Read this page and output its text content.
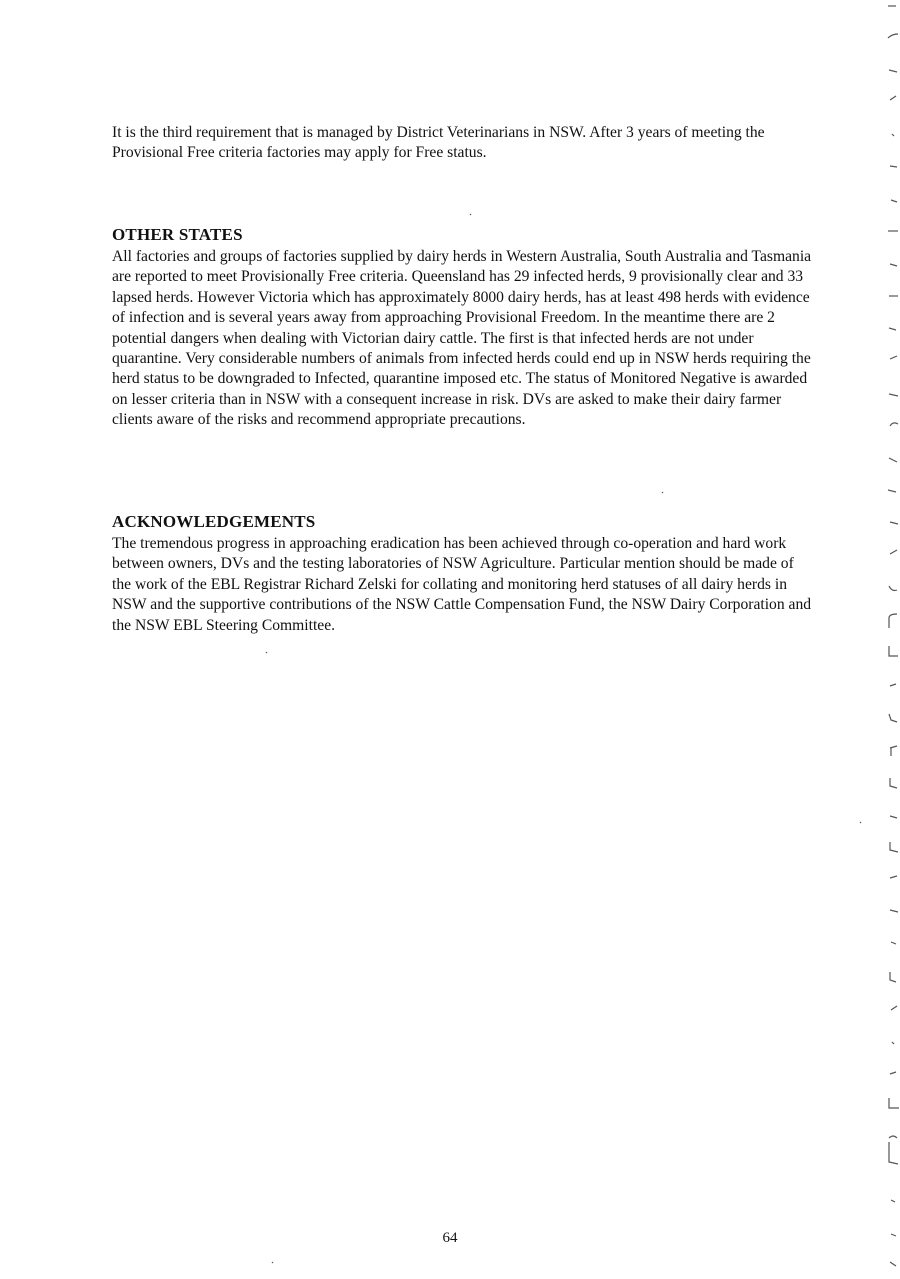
It is the third requirement that is managed by District Veterinarians in NSW. After 3 years of meeting the Provisional Free criteria factories may apply for Free status.

OTHER STATES

All factories and groups of factories supplied by dairy herds in Western Australia, South Australia and Tasmania are reported to meet Provisionally Free criteria. Queensland has 29 infected herds, 9 provisionally clear and 33 lapsed herds. However Victoria which has approximately 8000 dairy herds, has at least 498 herds with evidence of infection and is several years away from approaching Provisional Freedom. In the meantime there are 2 potential dangers when dealing with Victorian dairy cattle. The first is that infected herds are not under quarantine. Very considerable numbers of animals from infected herds could end up in NSW herds requiring the herd status to be downgraded to Infected, quarantine imposed etc. The status of Monitored Negative is awarded on lesser criteria than in NSW with a consequent increase in risk. DVs are asked to make their dairy farmer clients aware of the risks and recommend appropriate precautions.

ACKNOWLEDGEMENTS

The tremendous progress in approaching eradication has been achieved through co-operation and hard work between owners, DVs and the testing laboratories of NSW Agriculture. Particular mention should be made of the work of the EBL Registrar Richard Zelski for collating and monitoring herd statuses of all dairy herds in NSW and the supportive contributions of the NSW Cattle Compensation Fund, the NSW Dairy Corporation and the NSW EBL Steering Committee.

64
